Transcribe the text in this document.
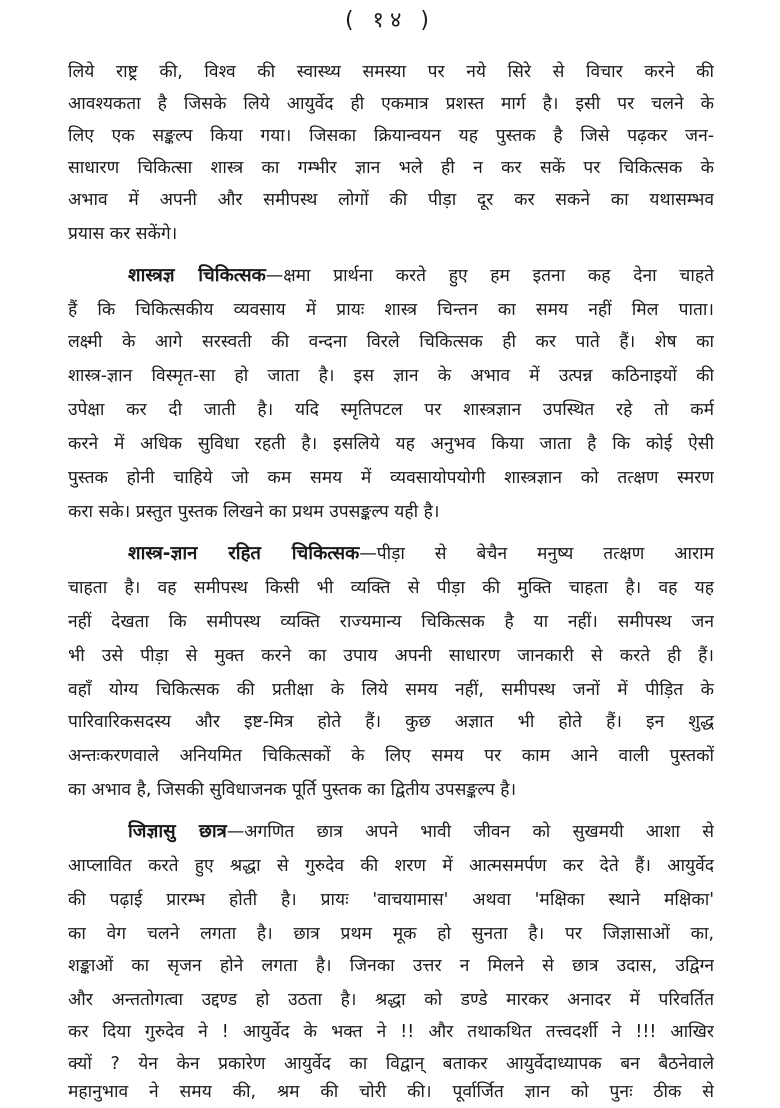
( १४ )
लिये राष्ट्र की, विश्व की स्वास्थ्य समस्या पर नये सिरे से विचार करने की
आवश्यकता है जिसके लिये आयुर्वेद ही एकमात्र प्रशस्त मार्ग है। इसी पर चलने के
लिए एक सङ्कल्प किया गया। जिसका क्रियान्वयन यह पुस्तक है जिसे पढ़कर जन-
साधारण चिकित्सा शास्त्र का गम्भीर ज्ञान भले ही न कर सकें पर चिकित्सक के
अभाव में अपनी और समीपस्थ लोगों की पीड़ा दूर कर सकने का यथासम्भव
प्रयास कर सकेंगे।
शास्त्रज्ञ चिकित्सक—क्षमा प्रार्थना करते हुए हम इतना कह देना चाहते
हैं कि चिकित्सकीय व्यवसाय में प्रायः शास्त्र चिन्तन का समय नहीं मिल पाता।
लक्ष्मी के आगे सरस्वती की वन्दना विरले चिकित्सक ही कर पाते हैं। शेष का
शास्त्र-ज्ञान विस्मृत-सा हो जाता है। इस ज्ञान के अभाव में उत्पन्न कठिनाइयों की
उपेक्षा कर दी जाती है। यदि स्मृतिपटल पर शास्त्रज्ञान उपस्थित रहे तो कर्म
करने में अधिक सुविधा रहती है। इसलिये यह अनुभव किया जाता है कि कोई ऐसी
पुस्तक होनी चाहिये जो कम समय में व्यवसायोपयोगी शास्त्रज्ञान को तत्क्षण स्मरण
करा सके। प्रस्तुत पुस्तक लिखने का प्रथम उपसङ्कल्प यही है।
शास्त्र-ज्ञान रहित चिकित्सक—पीड़ा से बेचैन मनुष्य तत्क्षण आराम
चाहता है। वह समीपस्थ किसी भी व्यक्ति से पीड़ा की मुक्ति चाहता है। वह यह
नहीं देखता कि समीपस्थ व्यक्ति राज्यमान्य चिकित्सक है या नहीं। समीपस्थ जन
भी उसे पीड़ा से मुक्त करने का उपाय अपनी साधारण जानकारी से करते ही हैं।
वहाँ योग्य चिकित्सक की प्रतीक्षा के लिये समय नहीं, समीपस्थ जनों में पीड़ित के
पारिवारिकसदस्य और इष्ट-मित्र होते हैं। कुछ अज्ञात भी होते हैं। इन शुद्ध
अन्तःकरणवाले अनियमित चिकित्सकों के लिए समय पर काम आने वाली पुस्तकों
का अभाव है, जिसकी सुविधाजनक पूर्ति पुस्तक का द्वितीय उपसङ्कल्प है।
जिज्ञासु छात्र—अगणित छात्र अपने भावी जीवन को सुखमयी आशा से
आप्लावित करते हुए श्रद्धा से गुरुदेव की शरण में आत्मसमर्पण कर देते हैं। आयुर्वेद
की पढ़ाई प्रारम्भ होती है। प्रायः 'वाचयामास' अथवा 'मक्षिका स्थाने मक्षिका'
का वेग चलने लगता है। छात्र प्रथम मूक हो सुनता है। पर जिज्ञासाओं का,
शङ्काओं का सृजन होने लगता है। जिनका उत्तर न मिलने से छात्र उदास, उद्विग्न
और अन्ततोगत्वा उद्दण्ड हो उठता है। श्रद्धा को डण्डे मारकर अनादर में परिवर्तित
कर दिया गुरुदेव ने ! आयुर्वेद के भक्त ने !! और तथाकथित तत्त्वदर्शी ने !!! आखिर
क्यों ? येन केन प्रकारेण आयुर्वेद का विद्वान् बताकर आयुर्वेदाध्यापक बन बैठनेवाले
महानुभाव ने समय की, श्रम की चोरी की। पूर्वार्जित ज्ञान को पुनः ठीक से
